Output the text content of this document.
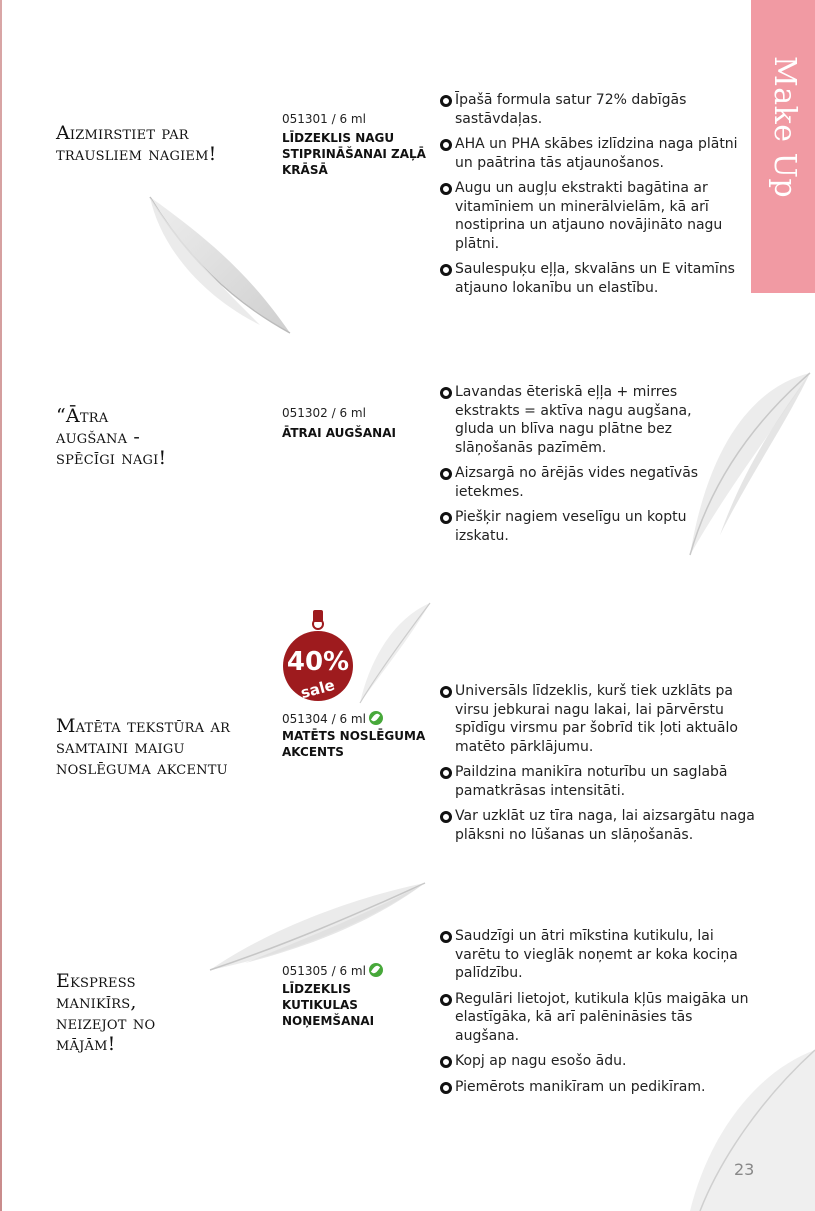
Make Up
Aizmirstiet par trausliem nagiem!
051301 / 6 ml
LĪDZEKLIS NAGU STIPRINĀŠANAI ZAĻĀ KRĀSĀ
Īpašā formula satur 72% dabīgās sastāvdaļas.
AHA un PHA skābes izlīdzina naga plātni un paātrina tās atjaunošanos.
Augu un augļu ekstrakti bagātina ar vitamīniem un minerālvielām, kā arī nostiprina un atjauno novājināto nagu plātni.
Saulespuķu eļļa, skvalāns un E vitamīns atjauno lokanību un elastību.
“Ātra augšana - spēcīgi nagi!
051302 / 6 ml
ĀTRAI AUGŠANAI
Lavandas ēteriskā eļļa + mirres ekstrakts = aktīva nagu augšana, gluda un blīva nagu plātne bez slāņošanās pazīmēm.
Aizsargā no ārējās vides negatīvās ietekmes.
Piešķir nagiem veselīgu un koptu izskatu.
40%
sale
Matēta tekstūra ar samtaini maigu noslēguma akcentu
051304 / 6 ml
MATĒTS NOSLĒGUMA AKCENTS
Universāls līdzeklis, kurš tiek uzklāts pa virsu jebkurai nagu lakai, lai pārvērstu spīdīgu virsmu par šobrīd tik ļoti aktuālo matēto pārklājumu.
Paildzina manikīra noturību un saglabā pamatkrāsas intensitāti.
Var uzklāt uz tīra naga, lai aizsargātu naga plāksni no lūšanas un slāņošanās.
Ekspress manikīrs, neizejot no mājām!
051305 / 6 ml
LĪDZEKLIS KUTIKULAS NOŅEMŠANAI
Saudzīgi un ātri mīkstina kutikulu, lai varētu to vieglāk noņemt ar koka kociņa palīdzību.
Regulāri lietojot, kutikula kļūs maigāka un elastīgāka, kā arī palēnināsies tās augšana.
Kopj ap nagu esošo ādu.
Piemērots manikīram un pedikīram.
23
